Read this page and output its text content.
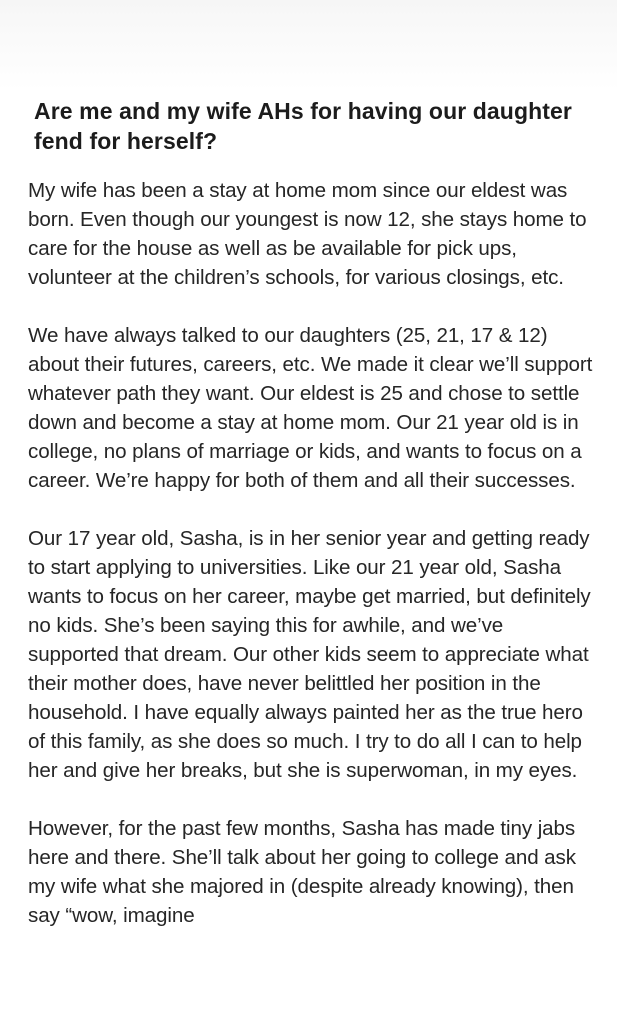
Are me and my wife AHs for having our daughter fend for herself?

My wife has been a stay at home mom since our eldest was born. Even though our youngest is now 12, she stays home to care for the house as well as be available for pick ups, volunteer at the children’s schools, for various closings, etc.

We have always talked to our daughters (25, 21, 17 & 12) about their futures, careers, etc. We made it clear we’ll support whatever path they want. Our eldest is 25 and chose to settle down and become a stay at home mom. Our 21 year old is in college, no plans of marriage or kids, and wants to focus on a career. We’re happy for both of them and all their successes.

Our 17 year old, Sasha, is in her senior year and getting ready to start applying to universities. Like our 21 year old, Sasha wants to focus on her career, maybe get married, but definitely no kids. She’s been saying this for awhile, and we’ve supported that dream. Our other kids seem to appreciate what their mother does, have never belittled her position in the household. I have equally always painted her as the true hero of this family, as she does so much. I try to do all I can to help her and give her breaks, but she is superwoman, in my eyes.

However, for the past few months, Sasha has made tiny jabs here and there. She’ll talk about her going to college and ask my wife what she majored in (despite already knowing), then say “wow, imagine
